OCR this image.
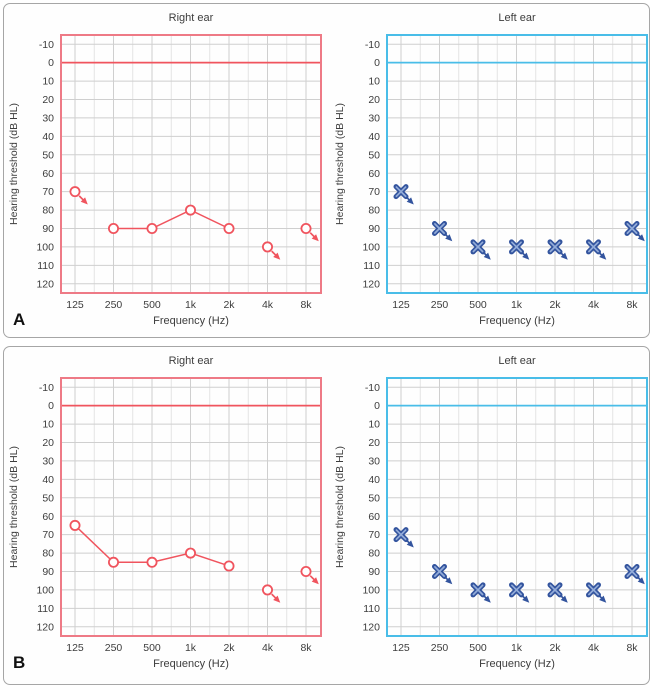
Right ear
-10
0
10
20
30
40
50
60
70
80
90
100
110
120
125 250 500 1k	2k	4k	8k
Frequency (Hz)
Hearing threshold (dB HL)
Left ear
-10
0
10
20
30
40
50
60
70
80
90
100
110
120
125 250 500 1k	2k	4k	8k
Frequency (Hz)
Hearing threshold (dB HL)
A
Right ear
-10
0
10
20
30
40
50
60
70
80
90
100
110
120
125 250 500 1k	2k	4k	8k
Frequency (Hz)
Hearing threshold (dB HL)
Left ear
-10
0
10
20
30
40
50
60
70
80
90
100
110
120
125 250 500 1k	2k	4k	8k
Frequency (Hz)
Hearing threshold (dB HL)
B
